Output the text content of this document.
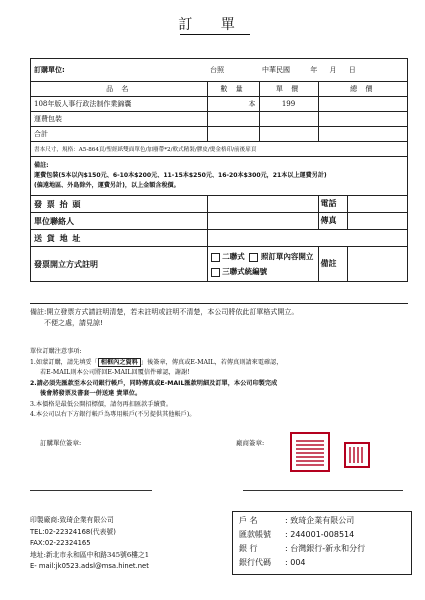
訂 單
訂購單位:	台照	中華民國 年 月 日	
品 名	數 量	單 價	總 價
108年版人事行政法制作業錦囊	本	199	
運費包裝			
合計			
書本尺寸，規格：A5-864頁/聖經紙雙面單色/加廢帶*2/軟式精裝/膠皮/燙金格印/前後扉頁			

備註:
運費包裝(5本以內$150元、6-10本$200元、11-15本$250元、16-20本$300元，21本以上運費另計)
(偏遠地區、外島除外，運費另計)，以上金額含稅價。			

發 票 抬 頭			電話
單位聯絡人			傳真
送 貨 地 址			
發票開立方式註明	二聯式 照訂單內容開立
三聯式統編號		備註
備註:開立發票方式請註明清楚，若未註明或註明不清楚，本公司將依此訂單格式開立。
不便之處，請見諒!
單位訂購注意事項:
1.如蒙訂購，請先填妥「 相框內之資料 」後簽章，傳真或E-MAIL，若傳真則請來電確認，
若E-MAIL則本公司將回E-MAIL回覆信件確認，謝謝!
2.請必須先匯款至本公司銀行帳戶，同時傳真或E-MAIL匯款明細及訂單，本公司印製完成
後會將發票及書套一併送達 貴單位。
3.本價格是最低公開招標價，請勿再扣匯款手續費。
4.本公司以右下方銀行帳戶為專用帳戶(不另提供其他帳戶)。
訂購單位簽章:	廠商簽章:
印製廠商:致琦企業有限公司
TEL:02-22324168(代表號)
FAX:02-22324165
地址:新北市永和區中和路345號6樓之1
E- mail:jk0523.adsl@msa.hinet.net
戶 名	: 致琦企業有限公司
匯款帳號 : 244001-008514
銀 行	: 台灣銀行-新永和分行
銀行代碼 : 004
